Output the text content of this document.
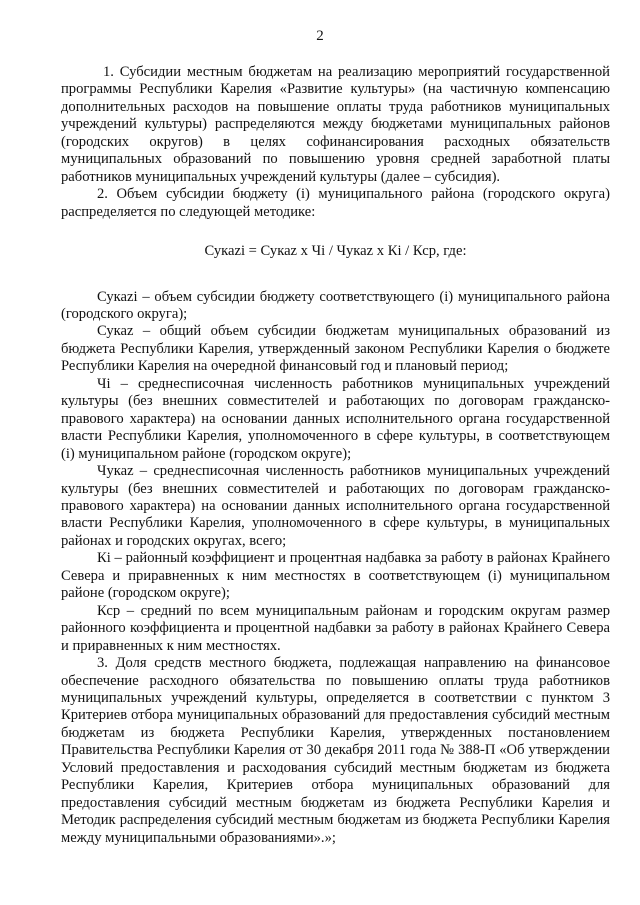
2

1. Субсидии местным бюджетам на реализацию мероприятий государственной программы Республики Карелия «Развитие культуры» (на частичную компенсацию дополнительных расходов на повышение оплаты труда работников муниципальных учреждений культуры) распределяются между бюджетами муниципальных районов (городских округов) в целях софинансирования расходных обязательств муниципальных образований по повышению уровня средней заработной платы работников муниципальных учреждений культуры (далее – субсидия).

2. Объем субсидии бюджету (i) муниципального района (городского округа) распределяется по следующей методике:

Сукаzi = Сукаz x Чi / Чукаz x Кi / Кср, где:

Сукаzi – объем субсидии бюджету соответствующего (i) муниципального района (городского округа);

Сукаz – общий объем субсидии бюджетам муниципальных образований из бюджета Республики Карелия, утвержденный законом Республики Карелия о бюджете Республики Карелия на очередной финансовый год и плановый период;

Чi – среднесписочная численность работников муниципальных учреждений культуры (без внешних совместителей и работающих по договорам гражданско-правового характера) на основании данных исполнительного органа государственной власти Республики Карелия, уполномоченного в сфере культуры, в соответствующем (i) муниципальном районе (городском округе);

Чукаz – среднесписочная численность работников муниципальных учреждений культуры (без внешних совместителей и работающих по договорам гражданско-правового характера) на основании данных исполнительного органа государственной власти Республики Карелия, уполномоченного в сфере культуры, в муниципальных районах и городских округах, всего;

Кi – районный коэффициент и процентная надбавка за работу в районах Крайнего Севера и приравненных к ним местностях в соответствующем (i) муниципальном районе (городском округе);

Кср – средний по всем муниципальным районам и городским округам размер районного коэффициента и процентной надбавки за работу в районах Крайнего Севера и приравненных к ним местностях.

3. Доля средств местного бюджета, подлежащая направлению на финансовое обеспечение расходного обязательства по повышению оплаты труда работников муниципальных учреждений культуры, определяется в соответствии с пунктом 3 Критериев отбора муниципальных образований для предоставления субсидий местным бюджетам из бюджета Республики Карелия, утвержденных постановлением Правительства Республики Карелия от 30 декабря 2011 года № 388-П «Об утверждении Условий предоставления и расходования субсидий местным бюджетам из бюджета Республики Карелия, Критериев отбора муниципальных образований для предоставления субсидий местным бюджетам из бюджета Республики Карелия и Методик распределения субсидий местным бюджетам из бюджета Республики Карелия между муниципальными образованиями».»;
